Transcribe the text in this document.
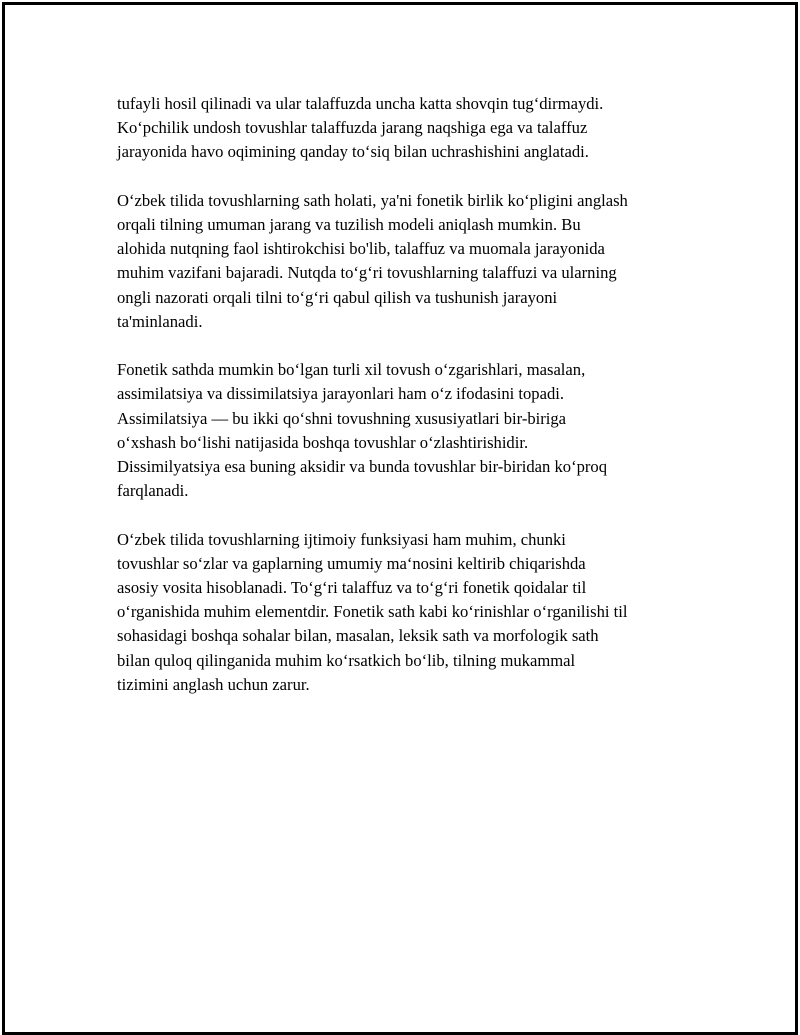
tufayli hosil qilinadi va ular talaffuzda uncha katta shovqin tug‘dirmaydi.
Ko‘pchilik undosh tovushlar talaffuzda jarang naqshiga ega va talaffuz
jarayonida havo oqimining qanday to‘siq bilan uchrashishini anglatadi.
O‘zbek tilida tovushlarning sath holati, ya'ni fonetik birlik ko‘pligini anglash
orqali tilning umuman jarang va tuzilish modeli aniqlash mumkin. Bu
alohida nutqning faol ishtirokchisi bo'lib, talaffuz va muomala jarayonida
muhim vazifani bajaradi. Nutqda to‘g‘ri tovushlarning talaffuzi va ularning
ongli nazorati orqali tilni to‘g‘ri qabul qilish va tushunish jarayoni
ta'minlanadi.
Fonetik sathda mumkin bo‘lgan turli xil tovush o‘zgarishlari, masalan,
assimilatsiya va dissimilatsiya jarayonlari ham o‘z ifodasini topadi.
Assimilatsiya — bu ikki qo‘shni tovushning xususiyatlari bir-biriga
o‘xshash bo‘lishi natijasida boshqa tovushlar o‘zlashtirishidir.
Dissimilyatsiya esa buning aksidir va bunda tovushlar bir-biridan ko‘proq
farqlanadi.
O‘zbek tilida tovushlarning ijtimoiy funksiyasi ham muhim, chunki
tovushlar so‘zlar va gaplarning umumiy ma‘nosini keltirib chiqarishda
asosiy vosita hisoblanadi. To‘g‘ri talaffuz va to‘g‘ri fonetik qoidalar til
o‘rganishida muhim elementdir. Fonetik sath kabi ko‘rinishlar o‘rganilishi til
sohasidagi boshqa sohalar bilan, masalan, leksik sath va morfologik sath
bilan quloq qilinganida muhim ko‘rsatkich bo‘lib, tilning mukammal
tizimini anglash uchun zarur.
